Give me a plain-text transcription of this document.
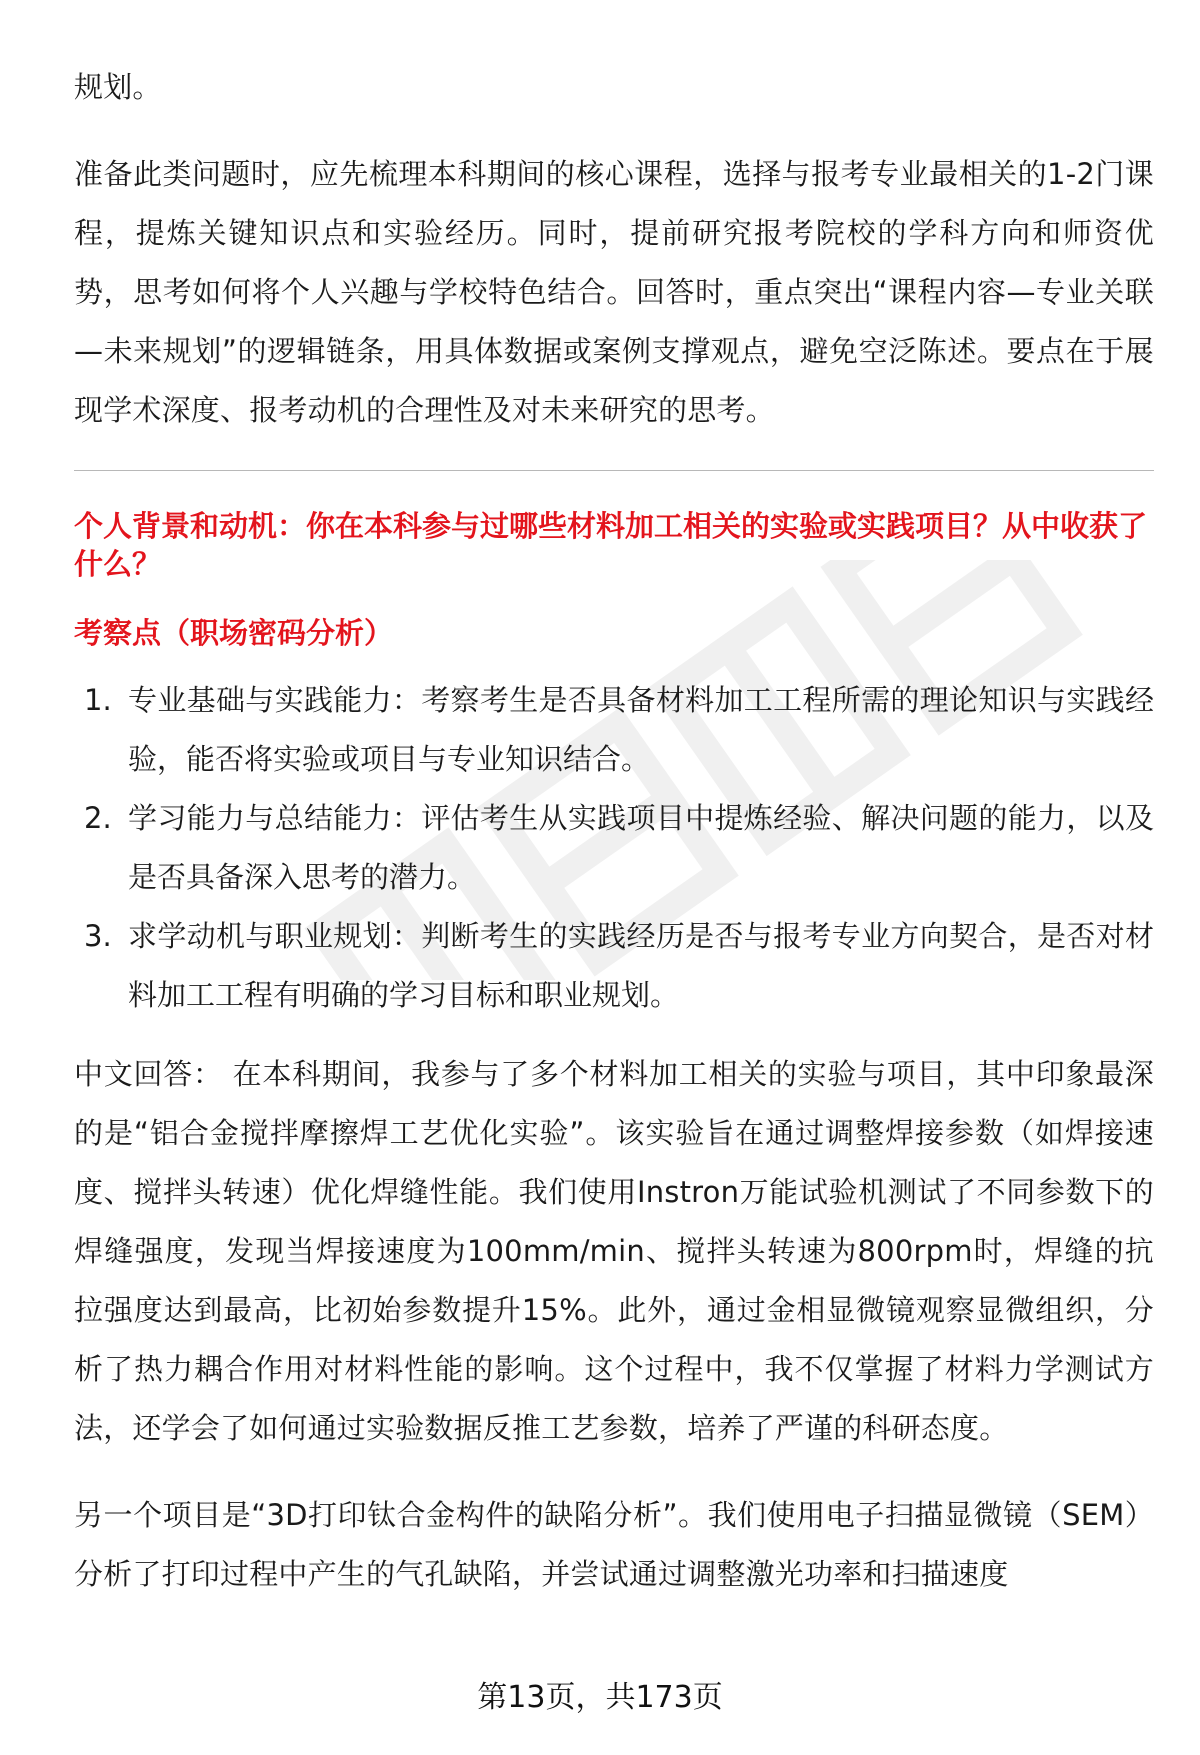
规划。

准备此类问题时，应先梳理本科期间的核心课程，选择与报考专业最相关的1-2门课程，提炼关键知识点和实验经历。同时，提前研究报考院校的学科方向和师资优势，思考如何将个人兴趣与学校特色结合。回答时，重点突出“课程内容—专业关联—未来规划”的逻辑链条，用具体数据或案例支撑观点，避免空泛陈述。要点在于展现学术深度、报考动机的合理性及对未来研究的思考。

个人背景和动机：你在本科参与过哪些材料加工相关的实验或实践项目？从中收获了什么？

考察点（职场密码分析）

1. 专业基础与实践能力：考察考生是否具备材料加工工程所需的理论知识与实践经验，能否将实验或项目与专业知识结合。
2. 学习能力与总结能力：评估考生从实践项目中提炼经验、解决问题的能力，以及是否具备深入思考的潜力。
3. 求学动机与职业规划：判断考生的实践经历是否与报考专业方向契合，是否对材料加工工程有明确的学习目标和职业规划。

中文回答： 在本科期间，我参与了多个材料加工相关的实验与项目，其中印象最深的是“铝合金搅拌摩擦焊工艺优化实验”。该实验旨在通过调整焊接参数（如焊接速度、搅拌头转速）优化焊缝性能。我们使用Instron万能试验机测试了不同参数下的焊缝强度，发现当焊接速度为100mm/min、搅拌头转速为800rpm时，焊缝的抗拉强度达到最高，比初始参数提升15%。此外，通过金相显微镜观察显微组织，分析了热力耦合作用对材料性能的影响。这个过程中，我不仅掌握了材料力学测试方法，还学会了如何通过实验数据反推工艺参数，培养了严谨的科研态度。

另一个项目是“3D打印钛合金构件的缺陷分析”。我们使用电子扫描显微镜（SEM）分析了打印过程中产生的气孔缺陷，并尝试通过调整激光功率和扫描速度

第13页，共173页
